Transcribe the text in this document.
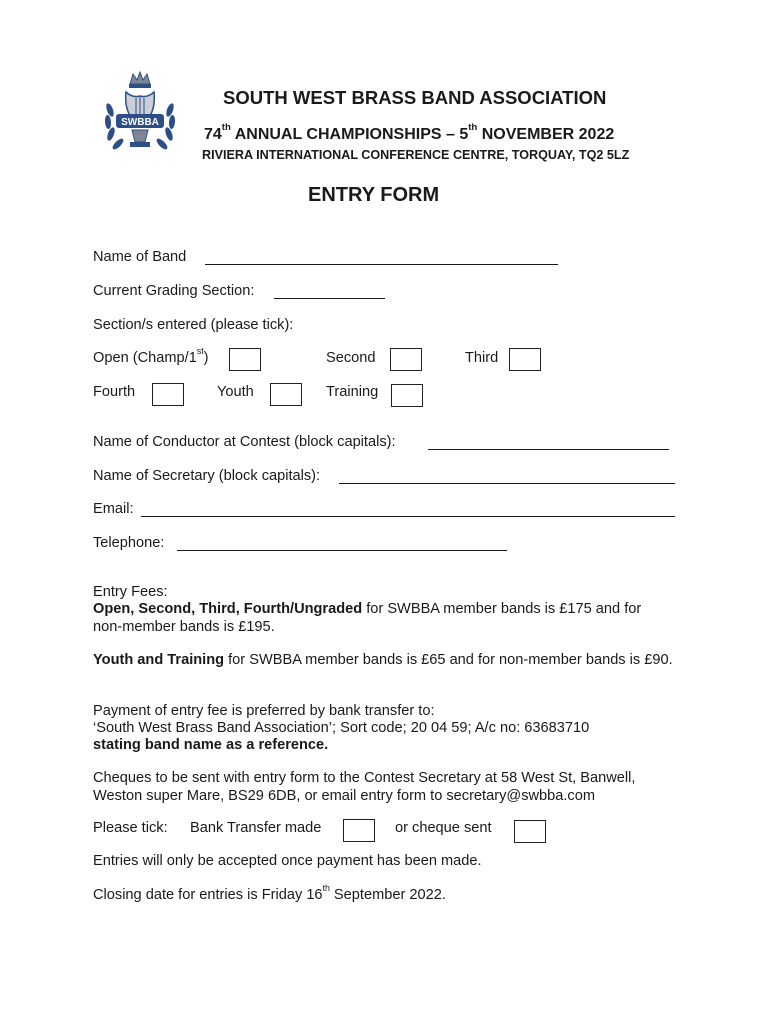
SWBBA
SOUTH WEST BRASS BAND ASSOCIATION
74th ANNUAL CHAMPIONSHIPS – 5th NOVEMBER 2022
RIVIERA INTERNATIONAL CONFERENCE CENTRE, TORQUAY, TQ2 5LZ
ENTRY FORM
Name of Band
Current Grading Section:
Section/s entered (please tick):
Open (Champ/1st)	Second	Third
Fourth	Youth	Training
Name of Conductor at Contest (block capitals):
Name of Secretary (block capitals):
Email:
Telephone:
Entry Fees:
Open, Second, Third, Fourth/Ungraded for SWBBA member bands is £175 and for non-member bands is £195.
Youth and Training for SWBBA member bands is £65 and for non-member bands is £90.
Payment of entry fee is preferred by bank transfer to:
‘South West Brass Band Association’; Sort code; 20 04 59; A/c no: 63683710
stating band name as a reference.
Cheques to be sent with entry form to the Contest Secretary at 58 West St, Banwell, Weston super Mare, BS29 6DB, or email entry form to secretary@swbba.com
Please tick: Bank Transfer made	or cheque sent
Entries will only be accepted once payment has been made.
Closing date for entries is Friday 16th September 2022.
